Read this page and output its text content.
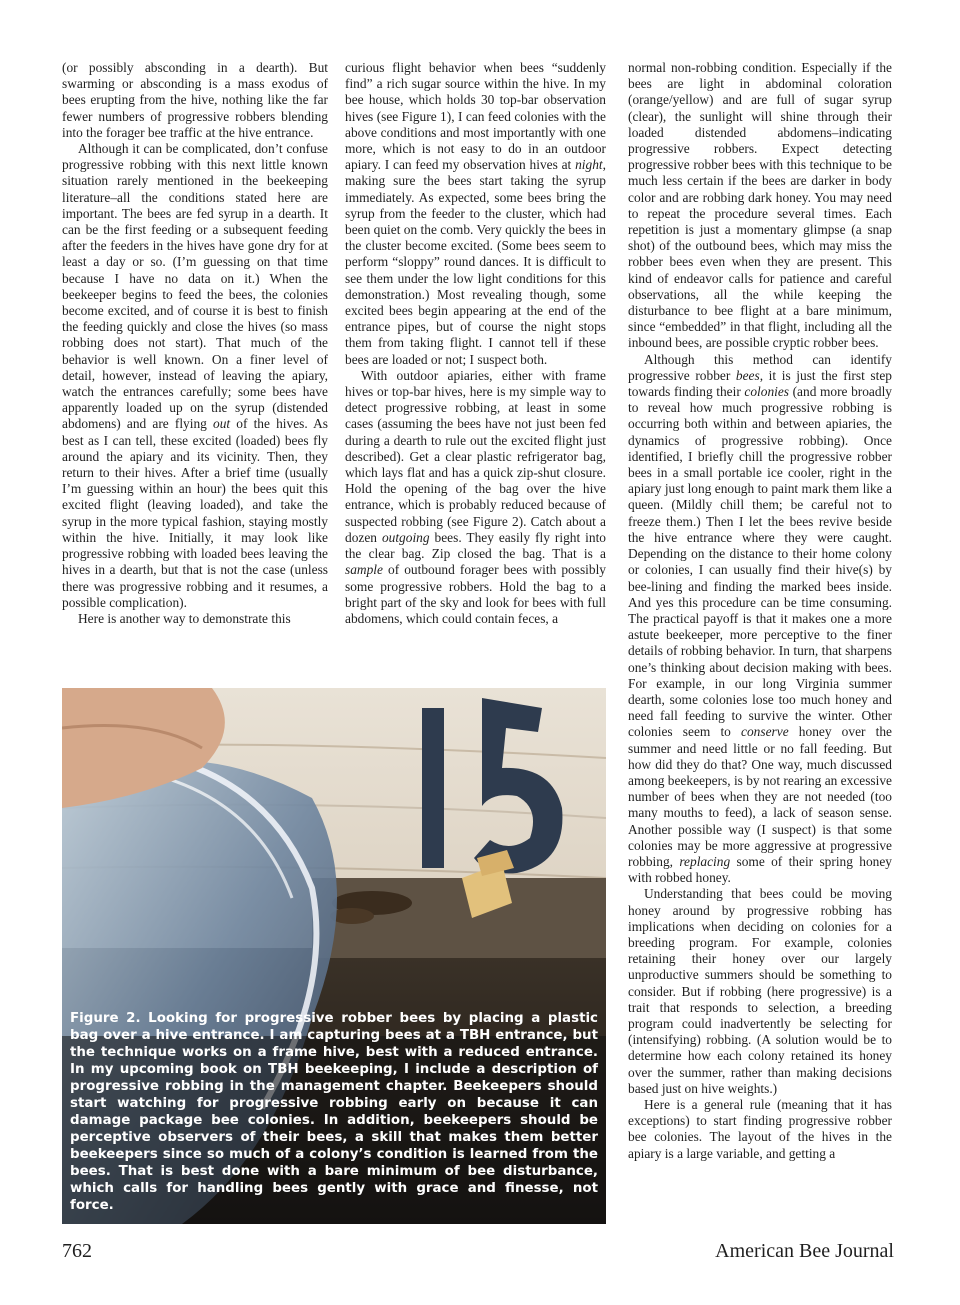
(or possibly absconding in a dearth). But swarming or absconding is a mass exodus of bees erupting from the hive, nothing like the far fewer numbers of progressive robbers blending into the forager bee traffic at the hive entrance.

Although it can be complicated, don’t confuse progressive robbing with this next little known situation rarely mentioned in the beekeeping literature–all the conditions stated here are important. The bees are fed syrup in a dearth. It can be the first feeding or a subsequent feeding after the feeders in the hives have gone dry for at least a day or so. (I’m guessing on that time because I have no data on it.) When the beekeeper begins to feed the bees, the colonies become excited, and of course it is best to finish the feeding quickly and close the hives (so mass robbing does not start). That much of the behavior is well known. On a finer level of detail, however, instead of leaving the apiary, watch the entrances carefully; some bees have apparently loaded up on the syrup (distended abdomens) and are flying out of the hives. As best as I can tell, these excited (loaded) bees fly around the apiary and its vicinity. Then, they return to their hives. After a brief time (usually I’m guessing within an hour) the bees quit this excited flight (leaving loaded), and take the syrup in the more typical fashion, staying mostly within the hive. Initially, it may look like progressive robbing with loaded bees leaving the hives in a dearth, but that is not the case (unless there was progressive robbing and it resumes, a possible complication).

Here is another way to demonstrate this

curious flight behavior when bees “suddenly find” a rich sugar source within the hive. In my bee house, which holds 30 top-bar observation hives (see Figure 1), I can feed colonies with the above conditions and most importantly with one more, which is not easy to do in an outdoor apiary. I can feed my observation hives at night, making sure the bees start taking the syrup immediately. As expected, some bees bring the syrup from the feeder to the cluster, which had been quiet on the comb. Very quickly the bees in the cluster become excited. (Some bees seem to perform “sloppy” round dances. It is difficult to see them under the low light conditions for this demonstration.) Most revealing though, some excited bees begin appearing at the end of the entrance pipes, but of course the night stops them from taking flight. I cannot tell if these bees are loaded or not; I suspect both.

With outdoor apiaries, either with frame hives or top-bar hives, here is my simple way to detect progressive robbing, at least in some cases (assuming the bees have not just been fed during a dearth to rule out the excited flight just described). Get a clear plastic refrigerator bag, which lays flat and has a quick zip-shut closure. Hold the opening of the bag over the hive entrance, which is probably reduced because of suspected robbing (see Figure 2). Catch about a dozen outgoing bees. They easily fly right into the clear bag. Zip closed the bag. That is a sample of outbound forager bees with possibly some progressive robbers. Hold the bag to a bright part of the sky and look for bees with full abdomens, which could contain feces, a

normal non-robbing condition. Especially if the bees are light in abdominal coloration (orange/yellow) and are full of sugar syrup (clear), the sunlight will shine through their loaded distended abdomens–indicating progressive robbers. Expect detecting progressive robber bees with this technique to be much less certain if the bees are darker in body color and are robbing dark honey. You may need to repeat the procedure several times. Each repetition is just a momentary glimpse (a snap shot) of the outbound bees, which may miss the robber bees even when they are present. This kind of endeavor calls for patience and careful observations, all the while keeping the disturbance to bee flight at a bare minimum, since “embedded” in that flight, including all the inbound bees, are possible cryptic robber bees.

Although this method can identify progressive robber bees, it is just the first step towards finding their colonies (and more broadly to reveal how much progressive robbing is occurring both within and between apiaries, the dynamics of progressive robbing). Once identified, I briefly chill the progressive robber bees in a small portable ice cooler, right in the apiary just long enough to paint mark them like a queen. (Mildly chill them; be careful not to freeze them.) Then I let the bees revive beside the hive entrance where they were caught. Depending on the distance to their home colony or colonies, I can usually find their hive(s) by bee-lining and finding the marked bees inside. And yes this procedure can be time consuming. The practical payoff is that it makes one a more astute beekeeper, more perceptive to the finer details of robbing behavior. In turn, that sharpens one’s thinking about decision making with bees. For example, in our long Virginia summer dearth, some colonies lose too much honey and need fall feeding to survive the winter. Other colonies seem to conserve honey over the summer and need little or no fall feeding. But how did they do that? One way, much discussed among beekeepers, is by not rearing an excessive number of bees when they are not needed (too many mouths to feed), a lack of season sense. Another possible way (I suspect) is that some colonies may be more aggressive at progressive robbing, replacing some of their spring honey with robbed honey.

Understanding that bees could be moving honey around by progressive robbing has implications when deciding on colonies for a breeding program. For example, colonies retaining their honey over our largely unproductive summers should be something to consider. But if robbing (here progressive) is a trait that responds to selection, a breeding program could inadvertently be selecting for (intensifying) robbing. (A solution would be to determine how each colony retained its honey over the summer, rather than making decisions based just on hive weights.)

Here is a general rule (meaning that it has exceptions) to start finding progressive robber bee colonies. The layout of the hives in the apiary is a large variable, and getting a

Figure 2. Looking for progressive robber bees by placing a plastic bag over a hive entrance. I am capturing bees at a TBH entrance, but the technique works on a frame hive, best with a reduced entrance. In my upcoming book on TBH beekeeping, I include a description of progressive robbing in the management chapter. Beekeepers should start watching for progressive robbing early on because it can damage package bee colonies. In addition, beekeepers should be perceptive observers of their bees, a skill that makes them better beekeepers since so much of a colony’s condition is learned from the bees. That is best done with a bare minimum of bee disturbance, which calls for handling bees gently with grace and finesse, not force.
762	American Bee Journal
